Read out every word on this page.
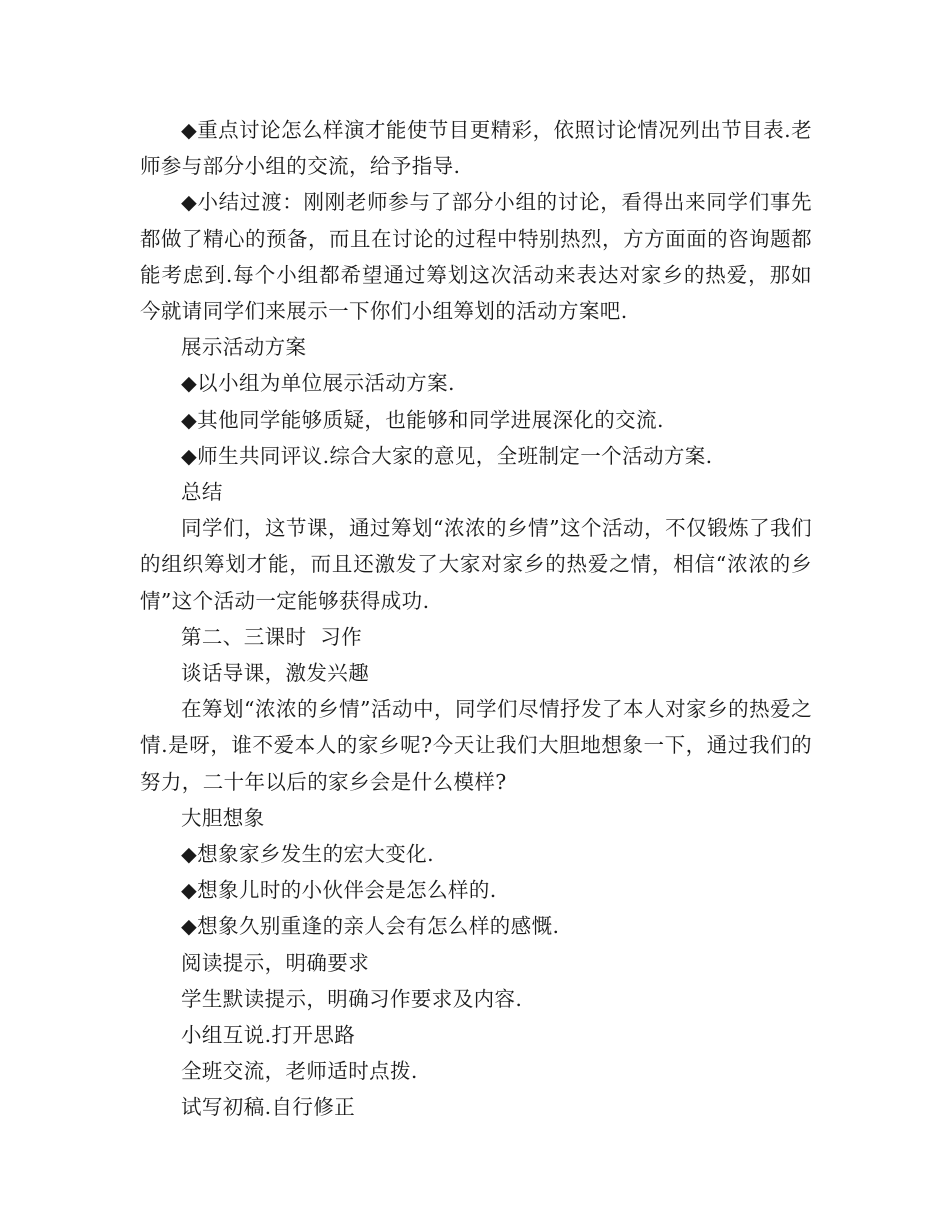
◆重点讨论怎么样演才能使节目更精彩，依照讨论情况列出节目表.老师参与部分小组的交流，给予指导.

◆小结过渡：刚刚老师参与了部分小组的讨论，看得出来同学们事先都做了精心的预备，而且在讨论的过程中特别热烈，方方面面的咨询题都能考虑到.每个小组都希望通过筹划这次活动来表达对家乡的热爱，那如今就请同学们来展示一下你们小组筹划的活动方案吧.

展示活动方案

◆以小组为单位展示活动方案.

◆其他同学能够质疑，也能够和同学进展深化的交流.

◆师生共同评议.综合大家的意见，全班制定一个活动方案.

总结

同学们，这节课，通过筹划“浓浓的乡情”这个活动，不仅锻炼了我们的组织筹划才能，而且还激发了大家对家乡的热爱之情，相信“浓浓的乡情”这个活动一定能够获得成功.

第二、三课时  习作

谈话导课，激发兴趣

在筹划“浓浓的乡情”活动中，同学们尽情抒发了本人对家乡的热爱之情.是呀，谁不爱本人的家乡呢?今天让我们大胆地想象一下，通过我们的努力，二十年以后的家乡会是什么模样?

大胆想象

◆想象家乡发生的宏大变化.

◆想象儿时的小伙伴会是怎么样的.

◆想象久别重逢的亲人会有怎么样的感慨.

阅读提示，明确要求

学生默读提示，明确习作要求及内容.

小组互说.打开思路

全班交流，老师适时点拨.

试写初稿.自行修正
